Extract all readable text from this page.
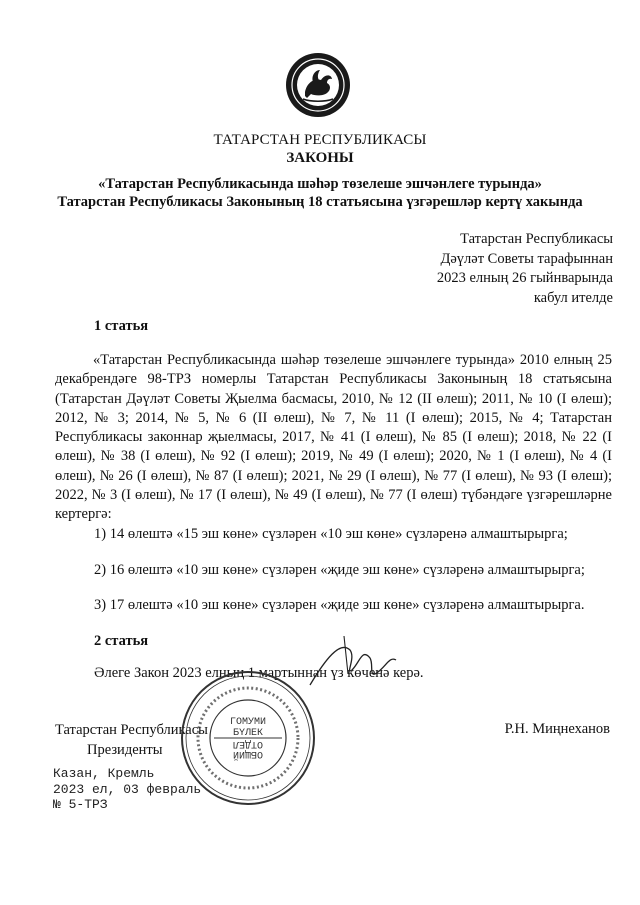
ТАТАРСТАН РЕСПУБЛИКАСЫ
ЗАКОНЫ
«Татарстан Республикасында шәһәр төзелеше эшчәнлеге турында»
Татарстан Республикасы Законының 18 статьясына үзгәрешләр кертү хакында
Татарстан Республикасы
Дәүләт Советы тарафыннан
2023 елның 26 гыйнварында
кабул ителде
1 статья
«Татарстан Республикасында шәһәр төзелеше эшчәнлеге турында» 2010 елның 25 декабрендәге 98-ТРЗ номерлы Татарстан Республикасы Законының 18 статьясына (Татарстан Дәүләт Советы Җыелма басмасы, 2010, № 12 (II өлеш); 2011, № 10 (I өлеш); 2012, № 3; 2014, № 5, № 6 (II өлеш), № 7, № 11 (I өлеш); 2015, № 4; Татарстан Республикасы законнар җыелмасы, 2017, № 41 (I өлеш), № 85 (I өлеш); 2018, № 22 (I өлеш), № 38 (I өлеш), № 92 (I өлеш); 2019, № 49 (I өлеш); 2020, № 1 (I өлеш), № 4 (I өлеш), № 26 (I өлеш), № 87 (I өлеш); 2021, № 29 (I өлеш), № 77 (I өлеш), № 93 (I өлеш); 2022, № 3 (I өлеш), № 17 (I өлеш), № 49 (I өлеш), № 77 (I өлеш) түбәндәге үзгәрешләрне кертергә:
1) 14 өлештә «15 эш көне» сүзләрен «10 эш көне» сүзләренә алмаштырырга;
2) 16 өлештә «10 эш көне» сүзләрен «җиде эш көне» сүзләренә алмаштырырга;
3) 17 өлештә «10 эш көне» сүзләрен «җиде эш көне» сүзләренә алмаштырырга.
2 статья
Әлеге Закон 2023 елның 1 мартыннан үз көченә керә.
Татарстан Республикасы
Президенты
Р.Н. Миңнеханов
Казан, Кремль
2023 ел, 03 февраль
№ 5-ТРЗ
ГОМУМИ
БҮЛЕК
ОТДЕЛ
ОБЩИЙ
